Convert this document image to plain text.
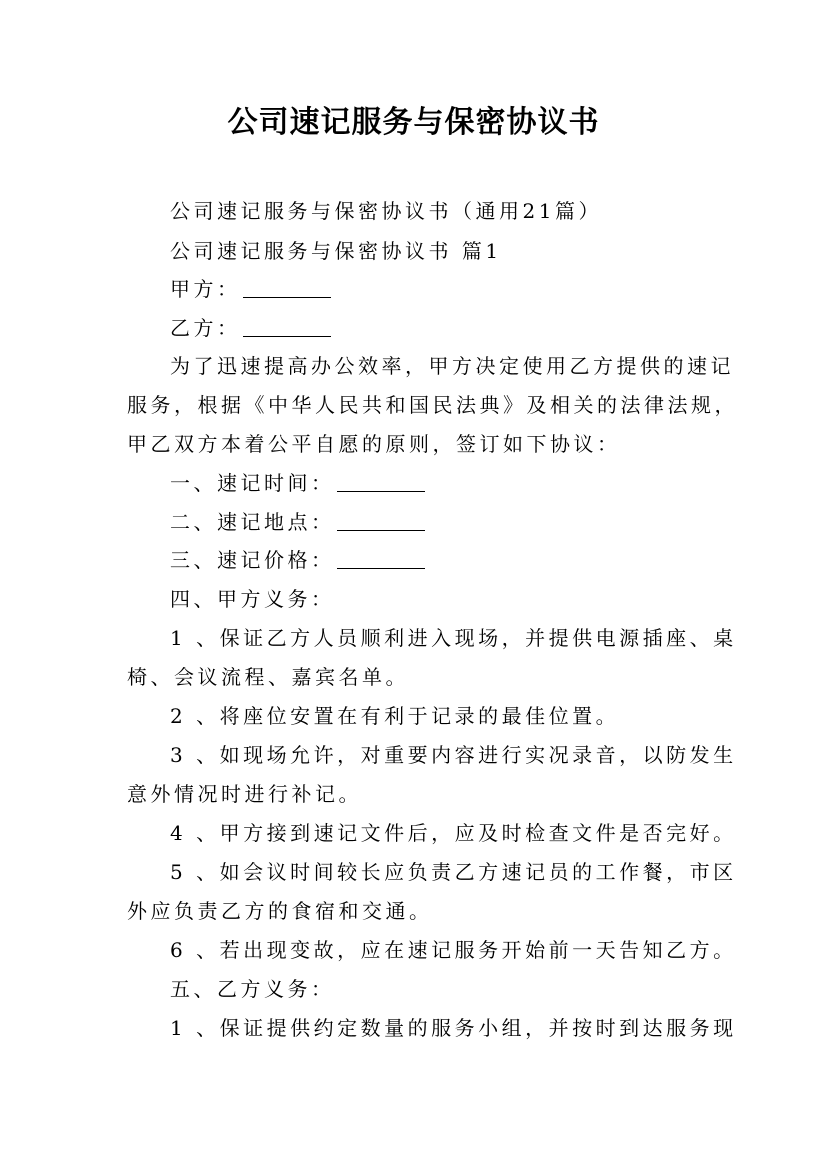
公司速记服务与保密协议书

公司速记服务与保密协议书（通用21篇）

公司速记服务与保密协议书 篇1

甲方：

乙方：

为了迅速提高办公效率，甲方决定使用乙方提供的速记

服务，根据《中华人民共和国民法典》及相关的法律法规，

甲乙双方本着公平自愿的原则，签订如下协议：

一、速记时间：

二、速记地点：

三、速记价格：

四、甲方义务：

1 、保证乙方人员顺利进入现场，并提供电源插座、桌

椅、会议流程、嘉宾名单。

2 、将座位安置在有利于记录的最佳位置。

3 、如现场允许，对重要内容进行实况录音，以防发生

意外情况时进行补记。

4 、甲方接到速记文件后，应及时检查文件是否完好。

5 、如会议时间较长应负责乙方速记员的工作餐，市区

外应负责乙方的食宿和交通。

6 、若出现变故，应在速记服务开始前一天告知乙方。

五、乙方义务：

1 、保证提供约定数量的服务小组，并按时到达服务现
